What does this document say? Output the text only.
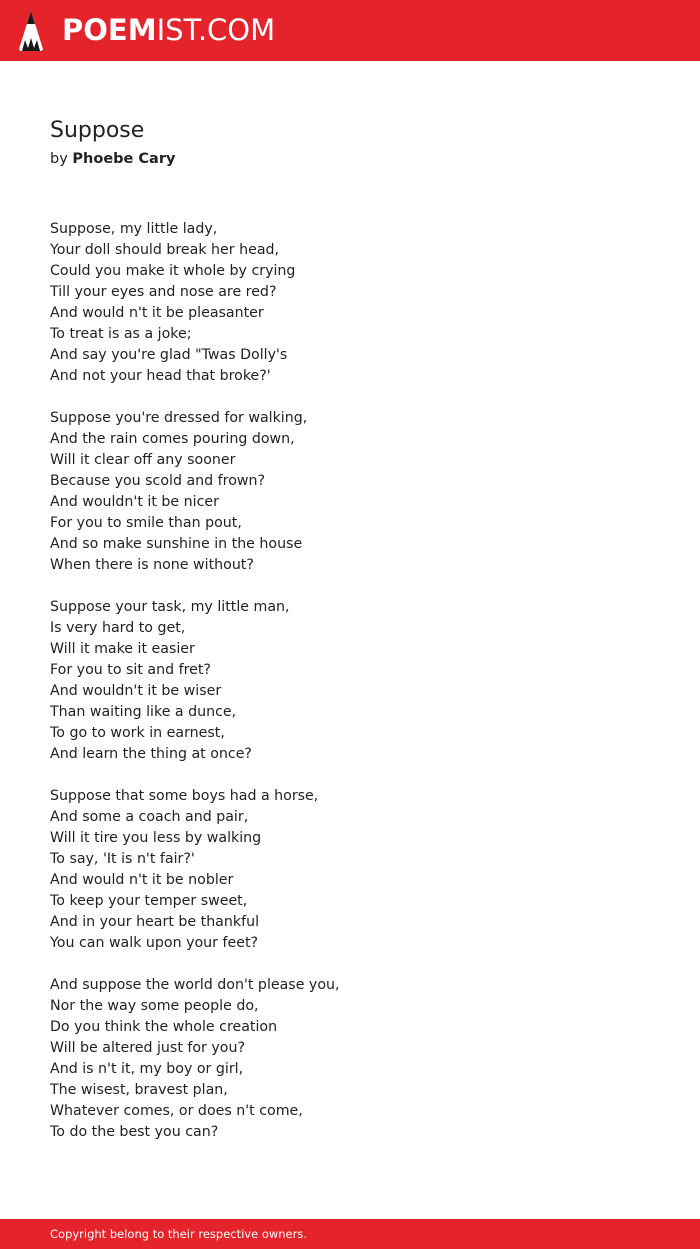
POEMIST.COM
Suppose
by Phoebe Cary
Suppose, my little lady,
Your doll should break her head,
Could you make it whole by crying
Till your eyes and nose are red?
And would n't it be pleasanter
To treat is as a joke;
And say you're glad "Twas Dolly's
And not your head that broke?'
Suppose you're dressed for walking,
And the rain comes pouring down,
Will it clear off any sooner
Because you scold and frown?
And wouldn't it be nicer
For you to smile than pout,
And so make sunshine in the house
When there is none without?
Suppose your task, my little man,
Is very hard to get,
Will it make it easier
For you to sit and fret?
And wouldn't it be wiser
Than waiting like a dunce,
To go to work in earnest,
And learn the thing at once?
Suppose that some boys had a horse,
And some a coach and pair,
Will it tire you less by walking
To say, 'It is n't fair?'
And would n't it be nobler
To keep your temper sweet,
And in your heart be thankful
You can walk upon your feet?
And suppose the world don't please you,
Nor the way some people do,
Do you think the whole creation
Will be altered just for you?
And is n't it, my boy or girl,
The wisest, bravest plan,
Whatever comes, or does n't come,
To do the best you can?
Copyright belong to their respective owners.
